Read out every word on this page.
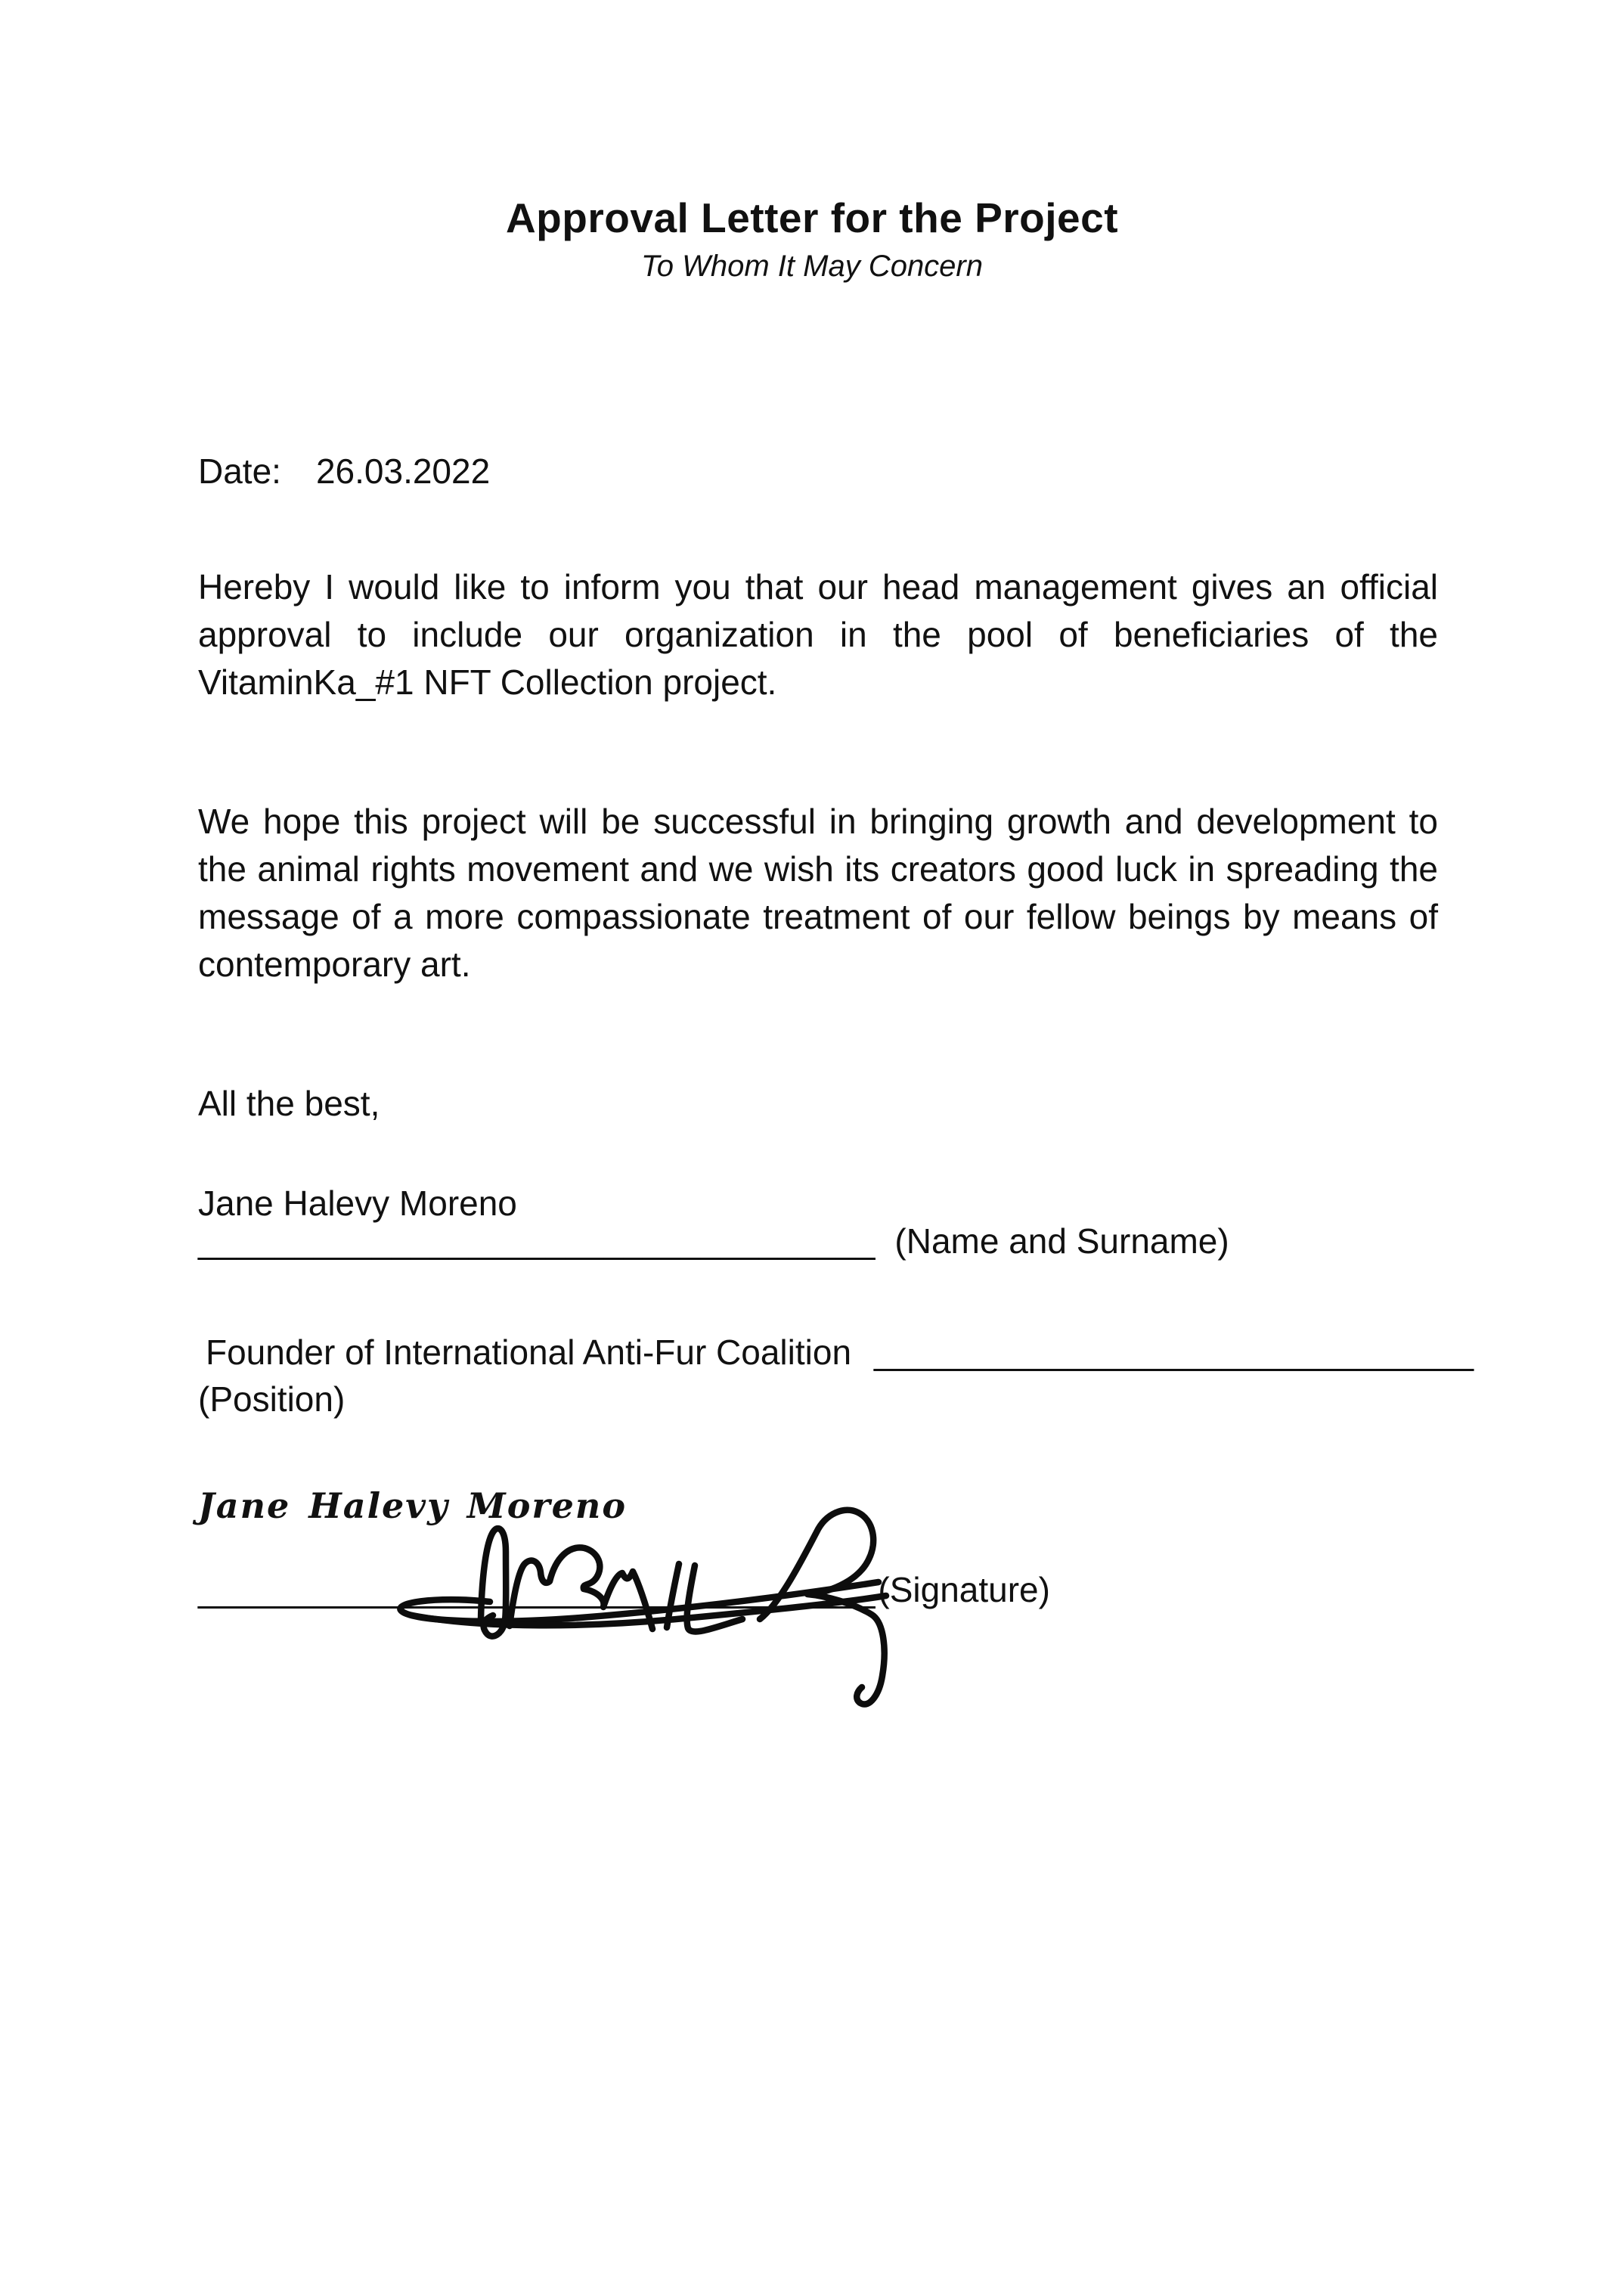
Approval Letter for the Project
To Whom It May Concern
Date: 26.03.2022
Hereby I would like to inform you that our head management gives an official approval to include our organization in the pool of beneficiaries of the VitaminKa_#1 NFT Collection project.
We hope this project will be successful in bringing growth and development to the animal rights movement and we wish its creators good luck in spreading the message of a more compassionate treatment of our fellow beings by means of contemporary art.
All the best,
Jane Halevy Moreno
___________________________________ (Name and Surname)
Founder of International Anti-Fur Coalition _______________________________
(Position)
Jane Halevy Moreno
___________________________________(Signature)
